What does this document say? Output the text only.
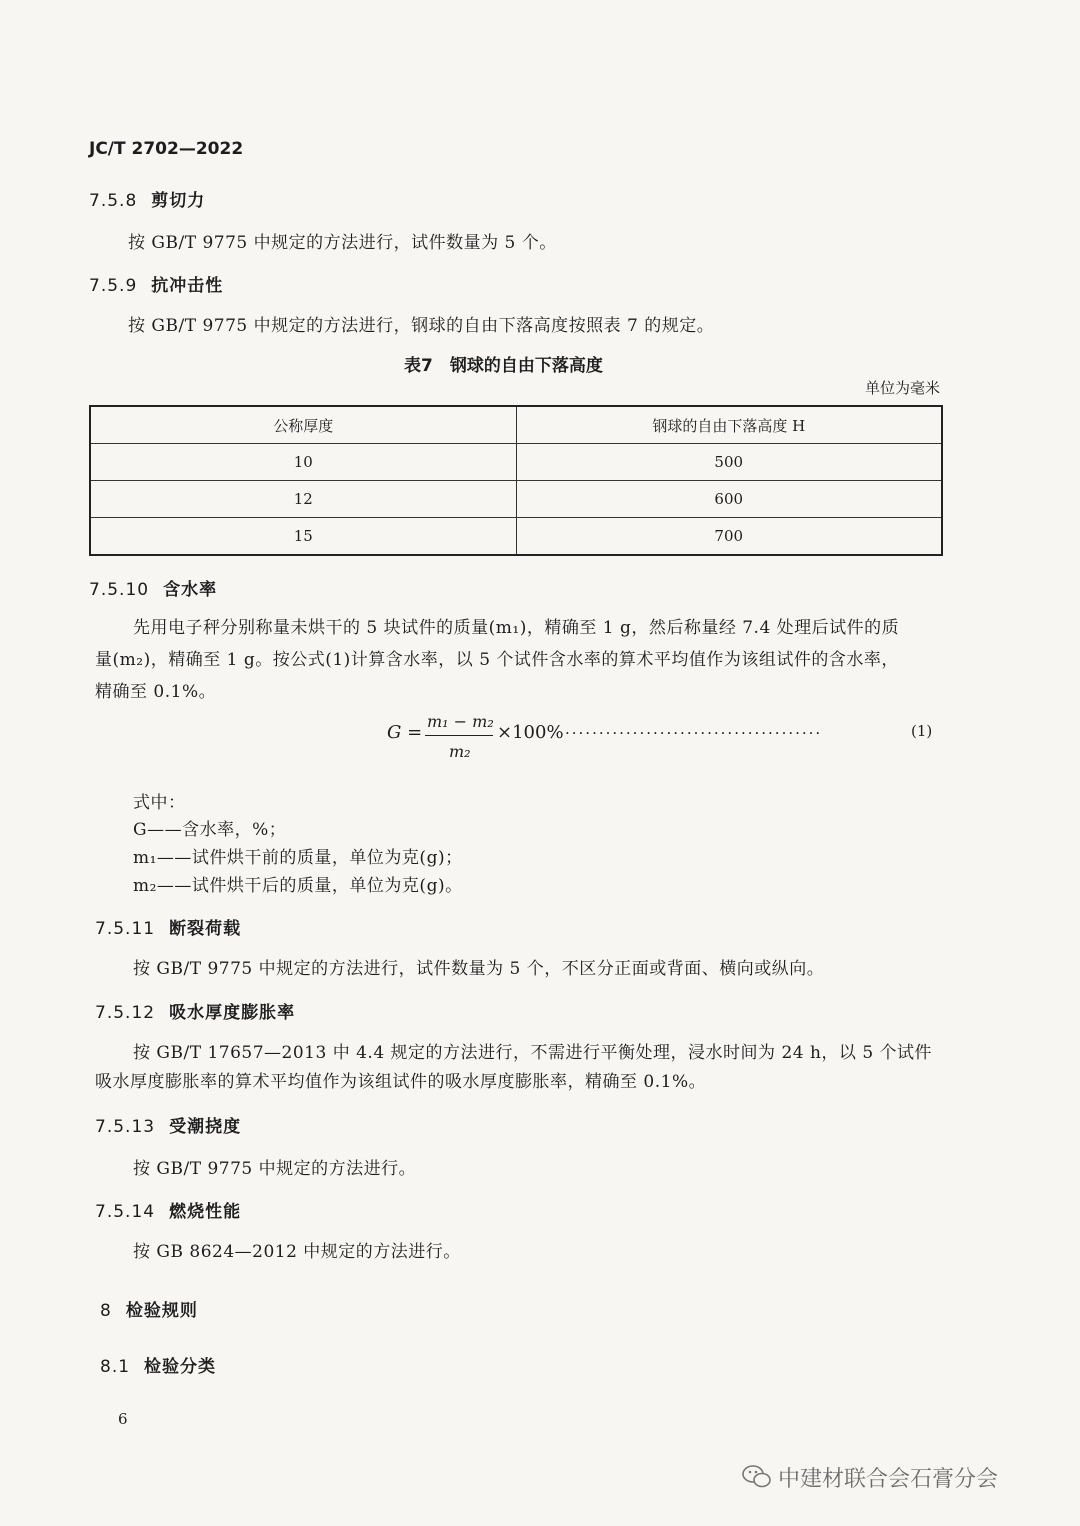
JC/T 2702—2022
7.5.8 剪切力
按 GB/T 9775 中规定的方法进行，试件数量为 5 个。
7.5.9 抗冲击性
按 GB/T 9775 中规定的方法进行，钢球的自由下落高度按照表 7 的规定。
表7　钢球的自由下落高度
单位为毫米
公称厚度	钢球的自由下落高度 H
10	500
12	600
15	700
7.5.10 含水率
先用电子秤分别称量未烘干的 5 块试件的质量(m₁)，精确至 1 g，然后称量经 7.4 处理后试件的质
量(m₂)，精确至 1 g。按公式(1)计算含水率，以 5 个试件含水率的算术平均值作为该组试件的含水率，
精确至 0.1%。
G =
m₁ − m₂
m₂
×100% ......................................	(1)
式中：
G——含水率，%；
m₁——试件烘干前的质量，单位为克(g)；
m₂——试件烘干后的质量，单位为克(g)。
7.5.11 断裂荷载
按 GB/T 9775 中规定的方法进行，试件数量为 5 个，不区分正面或背面、横向或纵向。
7.5.12 吸水厚度膨胀率
按 GB/T 17657—2013 中 4.4 规定的方法进行，不需进行平衡处理，浸水时间为 24 h，以 5 个试件
吸水厚度膨胀率的算术平均值作为该组试件的吸水厚度膨胀率，精确至 0.1%。
7.5.13 受潮挠度
按 GB/T 9775 中规定的方法进行。
7.5.14 燃烧性能
按 GB 8624—2012 中规定的方法进行。
8 检验规则
8.1 检验分类
6
中建材联合会石膏分会
